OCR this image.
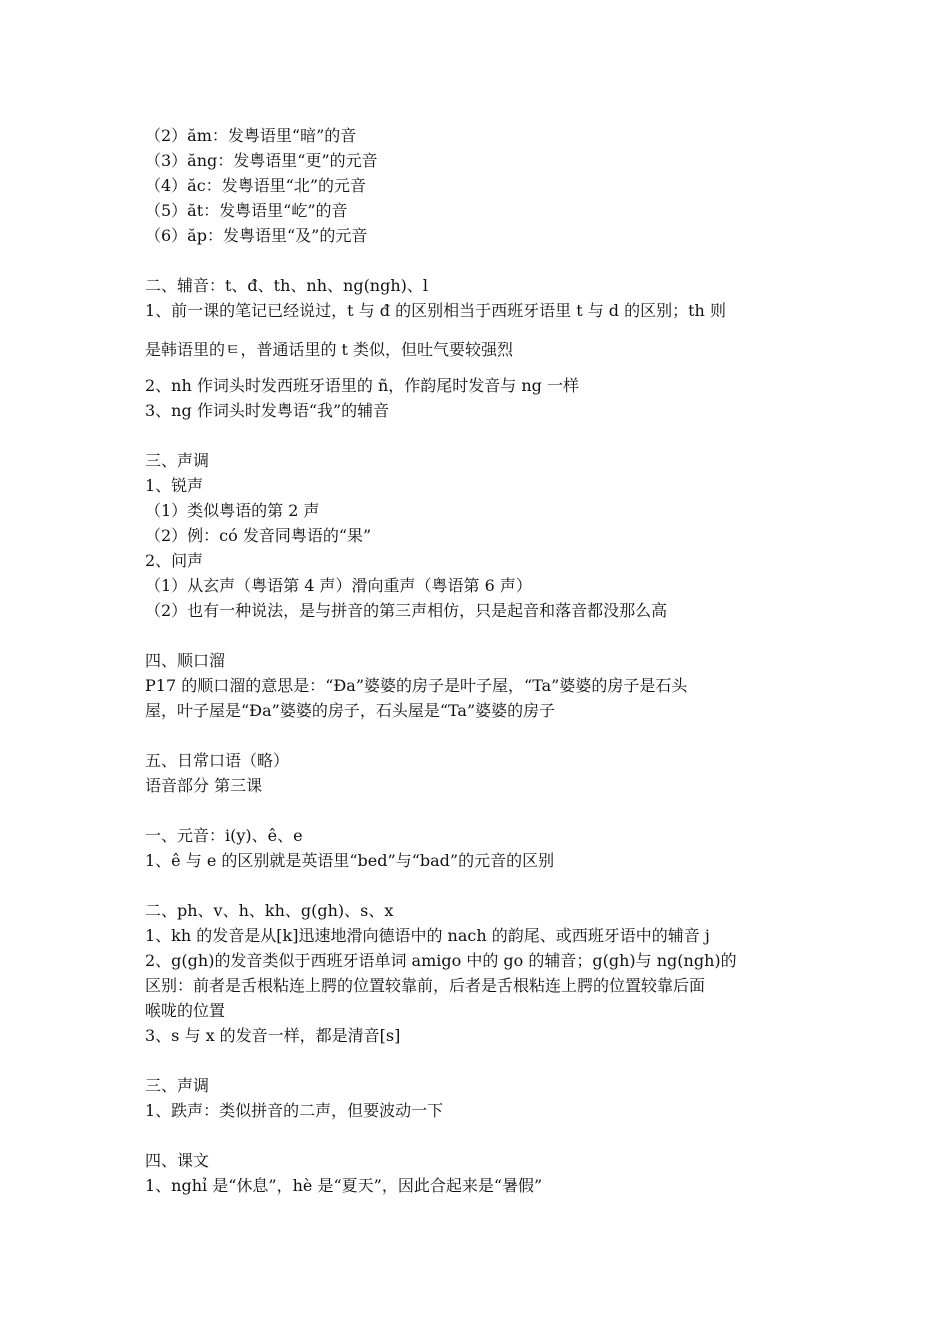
（2）ăm：发粤语里“暗”的音
（3）ăng：发粤语里“更”的元音
（4）ăc：发粤语里“北”的元音
（5）ăt：发粤语里“屹”的音
（6）ăp：发粤语里“及”的元音
二、辅音：t、đ、th、nh、ng(ngh)、l
1、前一课的笔记已经说过，t 与 đ 的区别相当于西班牙语里 t 与 d 的区别；th 则
是韩语里的ㅌ，普通话里的 t 类似，但吐气要较强烈
2、nh 作词头时发西班牙语里的 ñ，作韵尾时发音与 ng 一样
3、ng 作词头时发粤语“我”的辅音
三、声调
1、锐声
（1）类似粤语的第 2 声
（2）例：có 发音同粤语的“果”
2、问声
（1）从玄声（粤语第 4 声）滑向重声（粤语第 6 声）
（2）也有一种说法，是与拼音的第三声相仿，只是起音和落音都没那么高
四、顺口溜
P17 的顺口溜的意思是：“Đa”婆婆的房子是叶子屋，“Ta”婆婆的房子是石头
屋，叶子屋是“Đa”婆婆的房子，石头屋是“Ta”婆婆的房子
五、日常口语（略）
语音部分 第三课
一、元音：i(y)、ê、e
1、ê 与 e 的区别就是英语里“bed”与“bad”的元音的区别
二、ph、v、h、kh、g(gh)、s、x
1、kh 的发音是从[k]迅速地滑向德语中的 nach 的韵尾、或西班牙语中的辅音 j
2、g(gh)的发音类似于西班牙语单词 amigo 中的 go 的辅音；g(gh)与 ng(ngh)的
区别：前者是舌根粘连上腭的位置较靠前，后者是舌根粘连上腭的位置较靠后面
喉咙的位置
3、s 与 x 的发音一样，都是清音[s]
三、声调
1、跌声：类似拼音的二声，但要波动一下
四、课文
1、nghỉ 是“休息”，hè 是“夏天”，因此合起来是“暑假”
